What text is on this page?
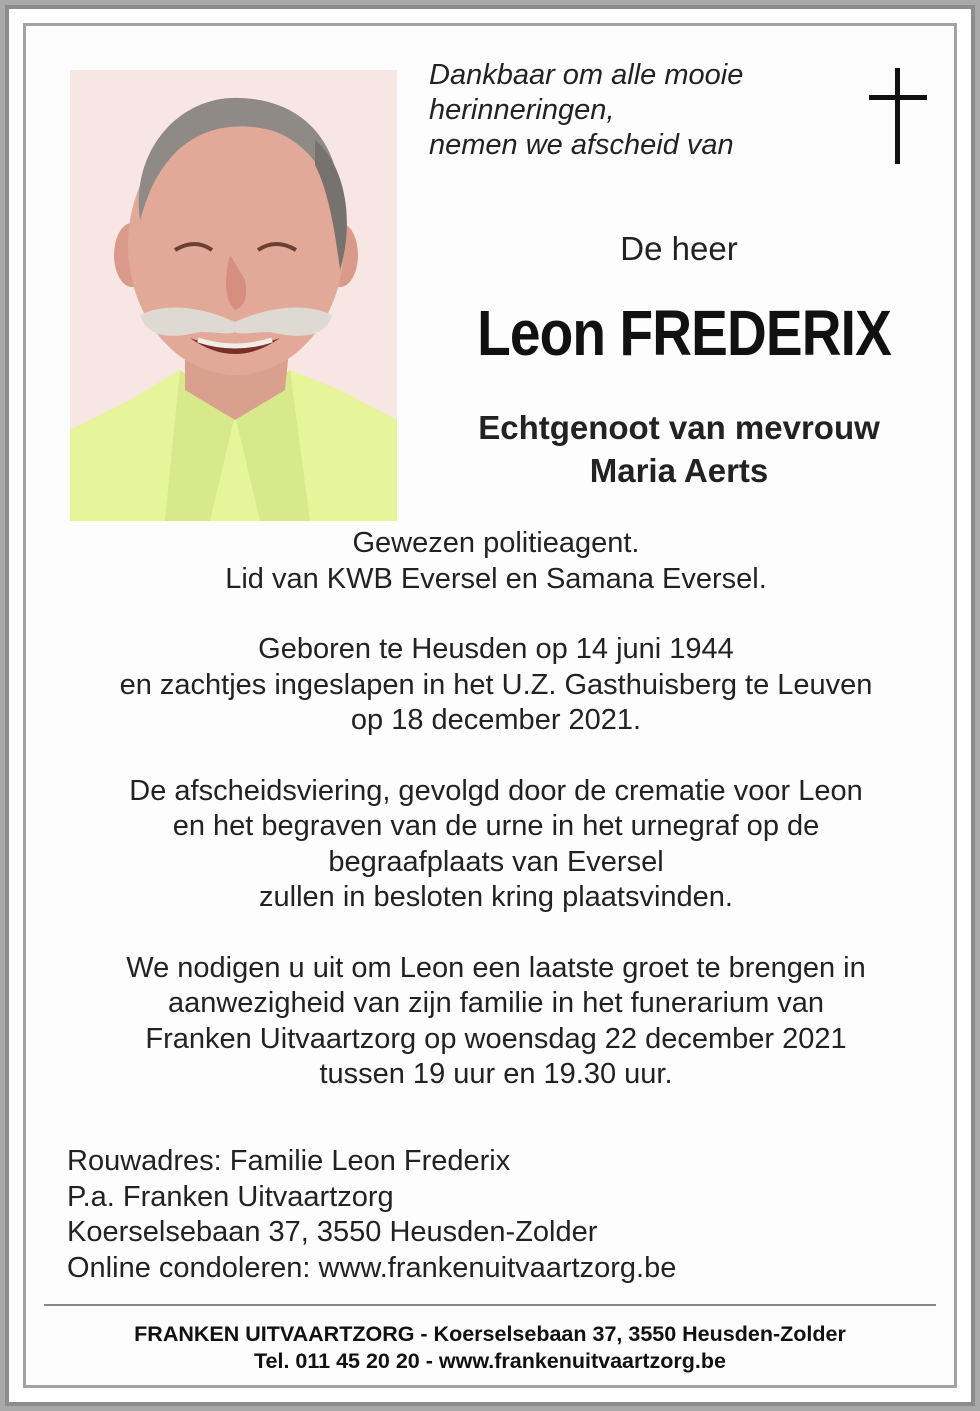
Dankbaar om alle mooie
herinneringen,
nemen we afscheid van
De heer
Leon FREDERIX
Echtgenoot van mevrouw
Maria Aerts

Gewezen politieagent.
Lid van KWB Eversel en Samana Eversel.

Geboren te Heusden op 14 juni 1944
en zachtjes ingeslapen in het U.Z. Gasthuisberg te Leuven
op 18 december 2021.

De afscheidsviering, gevolgd door de crematie voor Leon
en het begraven van de urne in het urnegraf op de
begraafplaats van Eversel
zullen in besloten kring plaatsvinden.

We nodigen u uit om Leon een laatste groet te brengen in
aanwezigheid van zijn familie in het funerarium van
Franken Uitvaartzorg op woensdag 22 december 2021
tussen 19 uur en 19.30 uur.

Rouwadres: Familie Leon Frederix
P.a. Franken Uitvaartzorg
Koerselsebaan 37, 3550 Heusden-Zolder
Online condoleren: www.frankenuitvaartzorg.be
FRANKEN UITVAARTZORG - Koerselsebaan 37, 3550 Heusden-Zolder
Tel. 011 45 20 20 - www.frankenuitvaartzorg.be
